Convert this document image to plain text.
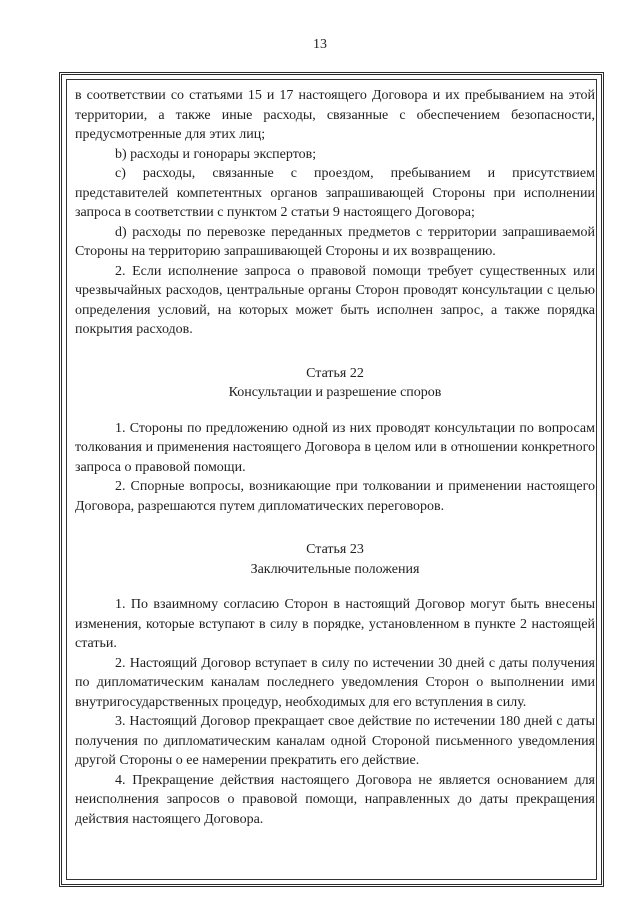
13

в соответствии со статьями 15 и 17 настоящего Договора и их пребыванием на этой территории, а также иные расходы, связанные с обеспечением безопасности, предусмотренные для этих лиц;

b) расходы и гонорары экспертов;

c) расходы, связанные с проездом, пребыванием и присутствием представителей компетентных органов запрашивающей Стороны при исполнении запроса в соответствии с пунктом 2 статьи 9 настоящего Договора;

d) расходы по перевозке переданных предметов с территории запрашиваемой Стороны на территорию запрашивающей Стороны и их возвращению.

2. Если исполнение запроса о правовой помощи требует существенных или чрезвычайных расходов, центральные органы Сторон проводят консультации с целью определения условий, на которых может быть исполнен запрос, а также порядка покрытия расходов.

Статья 22

Консультации и разрешение споров

1. Стороны по предложению одной из них проводят консультации по вопросам толкования и применения настоящего Договора в целом или в отношении конкретного запроса о правовой помощи.

2. Спорные вопросы, возникающие при толковании и применении настоящего Договора, разрешаются путем дипломатических переговоров.

Статья 23

Заключительные положения

1. По взаимному согласию Сторон в настоящий Договор могут быть внесены изменения, которые вступают в силу в порядке, установленном в пункте 2 настоящей статьи.

2. Настоящий Договор вступает в силу по истечении 30 дней с даты получения по дипломатическим каналам последнего уведомления Сторон о выполнении ими внутригосударственных процедур, необходимых для его вступления в силу.

3. Настоящий Договор прекращает свое действие по истечении 180 дней с даты получения по дипломатическим каналам одной Стороной письменного уведомления другой Стороны о ее намерении прекратить его действие.

4. Прекращение действия настоящего Договора не является основанием для неисполнения запросов о правовой помощи, направленных до даты прекращения действия настоящего Договора.
